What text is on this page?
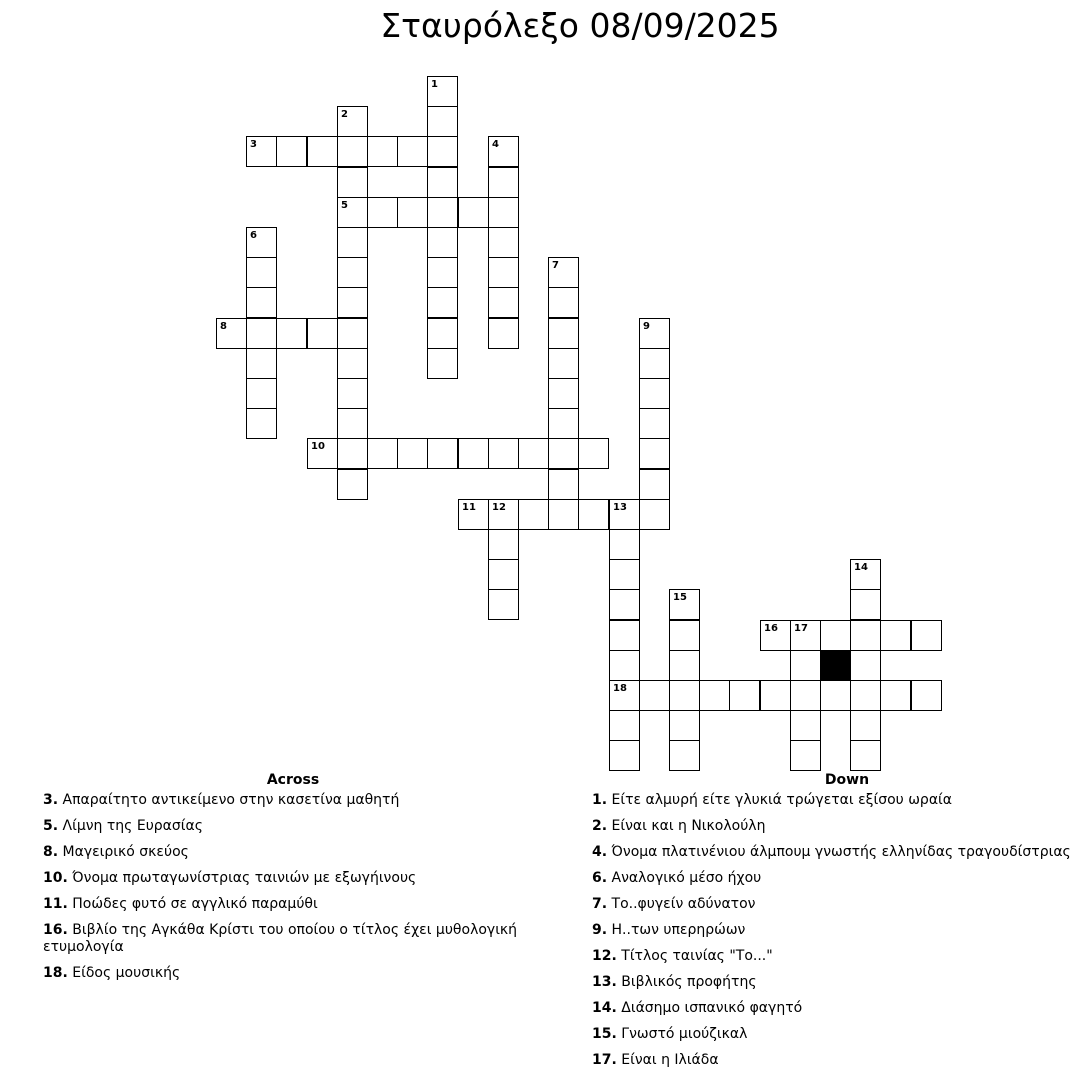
Σταυρόλεξο 08/09/2025
1
2
5
3	4
6
7
8	9
10
11 12	13
18
14
15
16 17
Across
3. Απαραίτητο αντικείμενο στην κασετίνα μαθητή
5. Λίμνη της Ευρασίας
8. Μαγειρικό σκεύος
10. Όνομα πρωταγωνίστριας ταινιών με εξωγήινους
11. Ποώδες φυτό σε αγγλικό παραμύθι
16. Βιβλίο της Αγκάθα Κρίστι του οποίου ο τίτλος έχει μυθολογική ετυμολογία
18. Είδος μουσικής
Down
1. Είτε αλμυρή είτε γλυκιά τρώγεται εξίσου ωραία
2. Είναι και η Νικολούλη
4. Όνομα πλατινένιου άλμπουμ γνωστής ελληνίδας τραγουδίστριας
6. Αναλογικό μέσο ήχου
7. Το..φυγείν αδύνατον
9. Η..των υπερηρώων
12. Τίτλος ταινίας "Το..."
13. Βιβλικός προφήτης
14. Διάσημο ισπανικό φαγητό
15. Γνωστό μιούζικαλ
17. Είναι η Ιλιάδα
